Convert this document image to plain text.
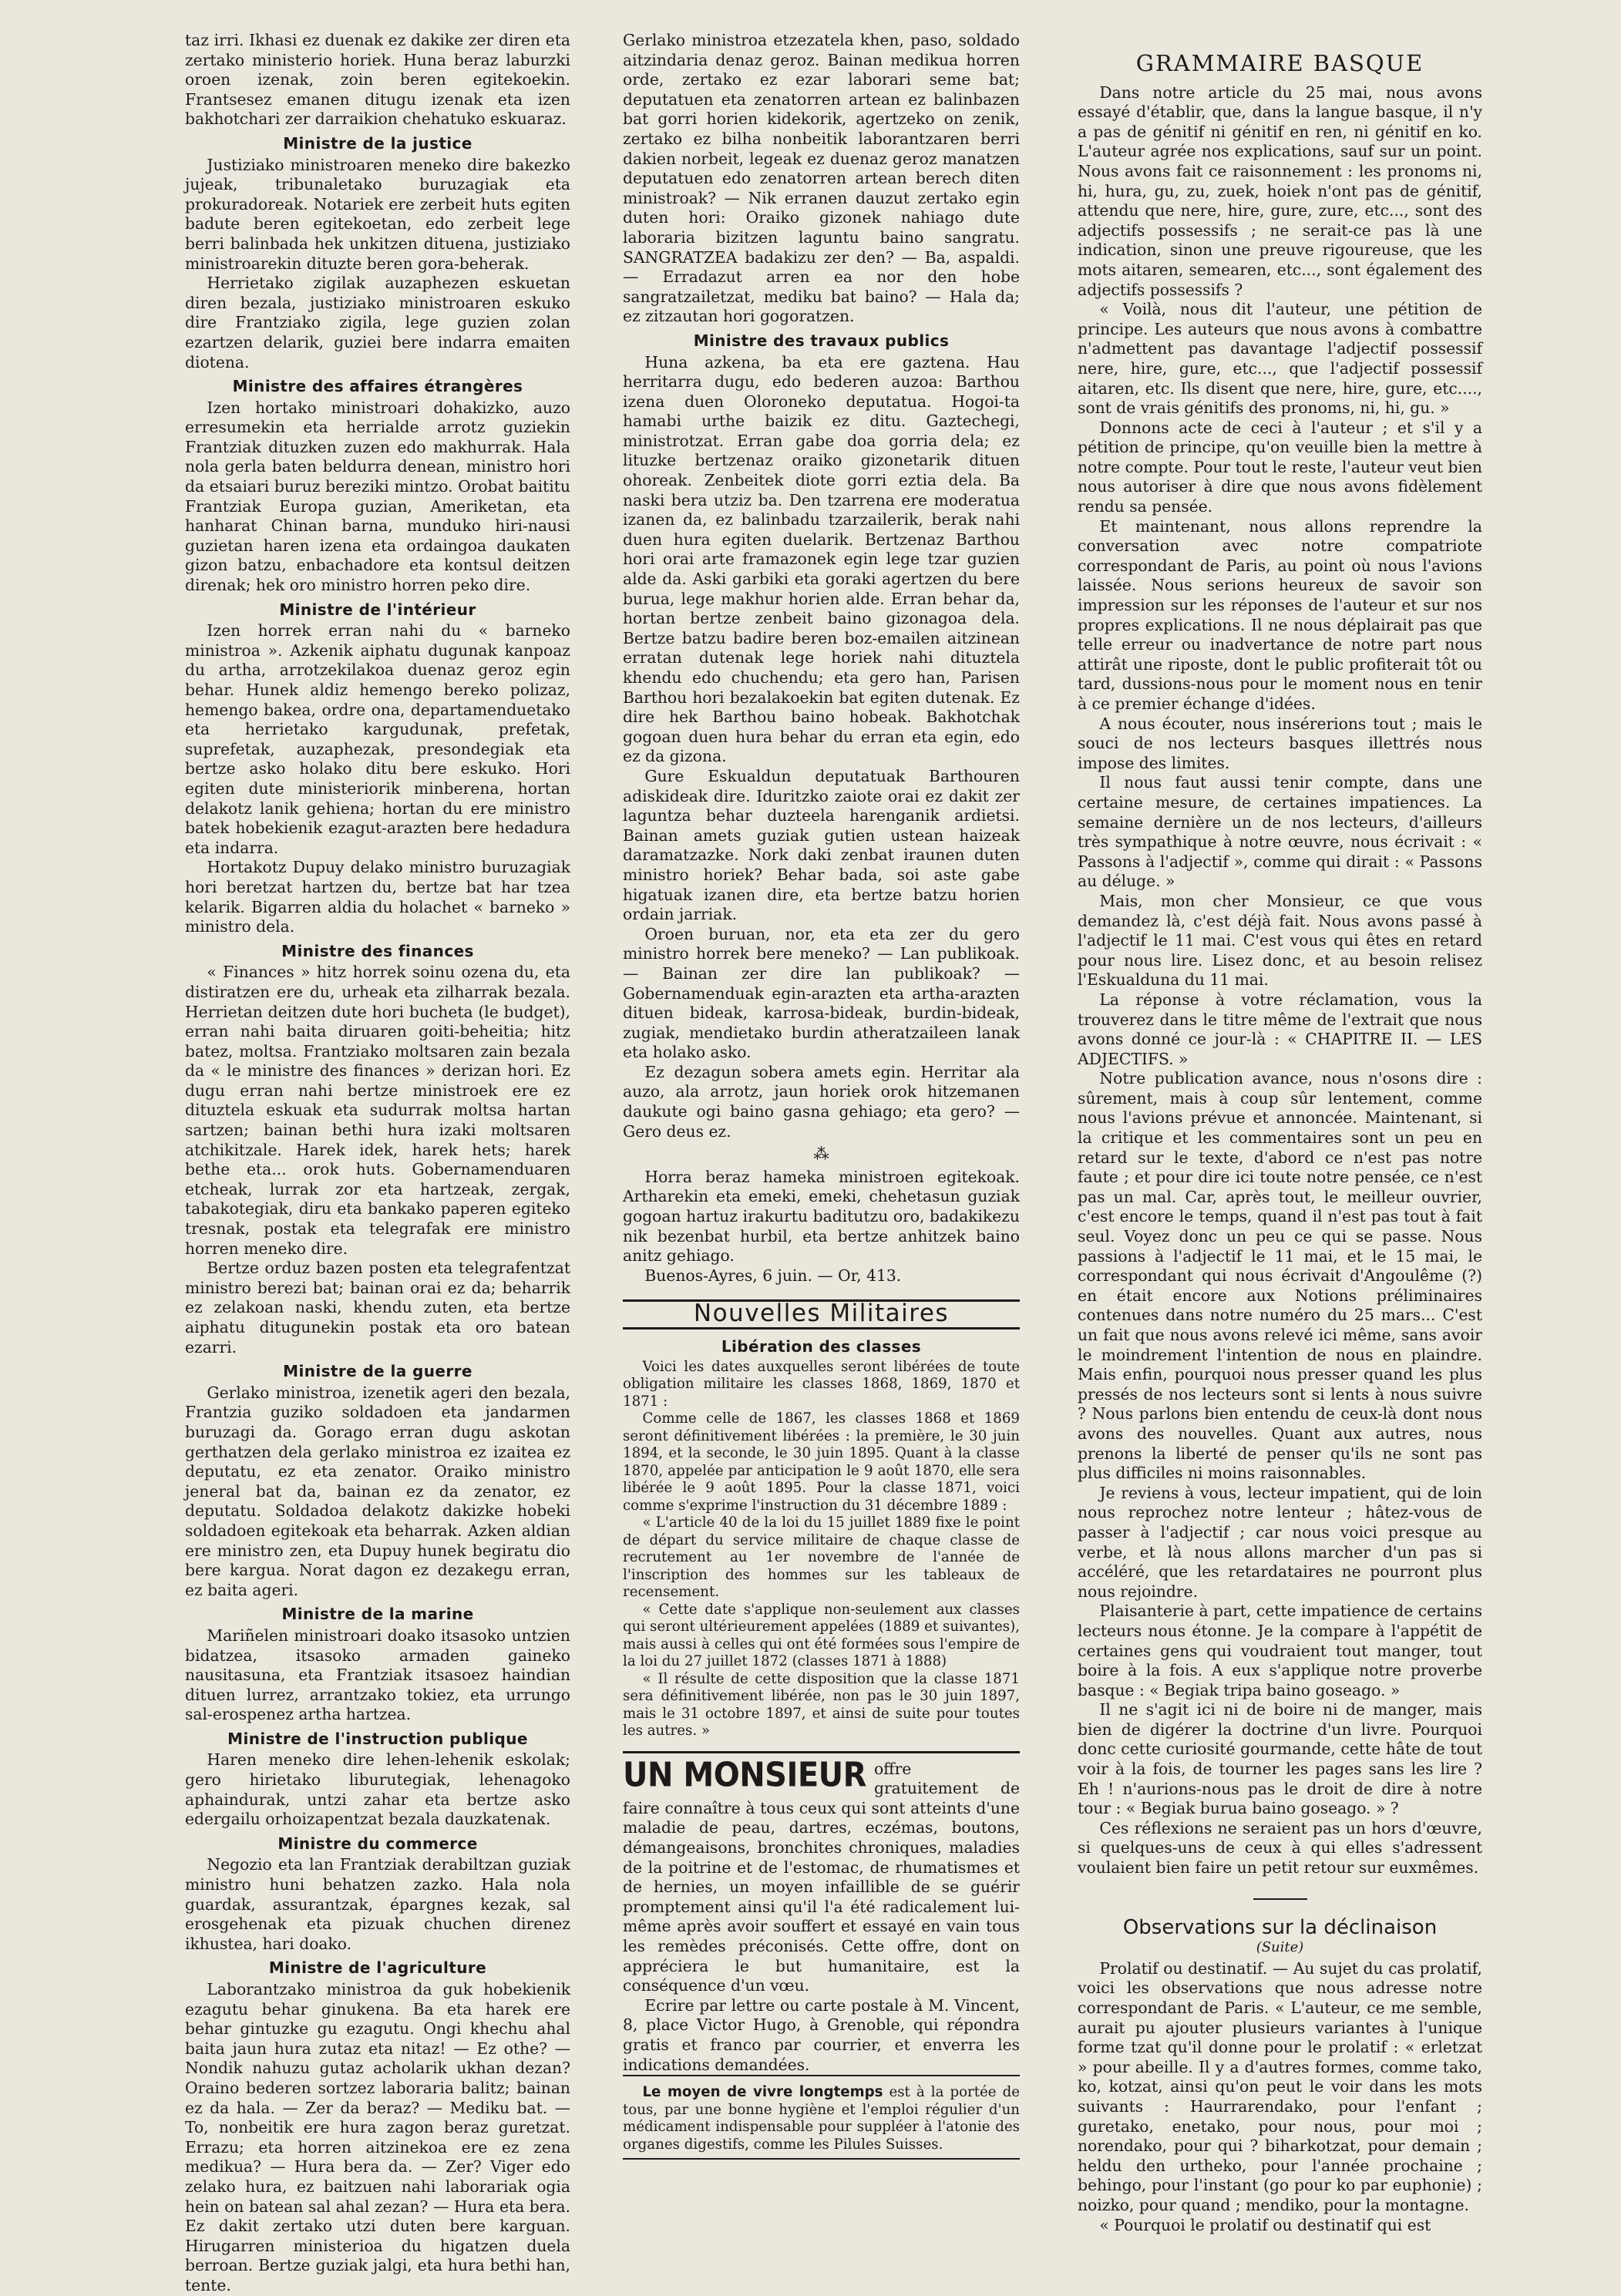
taz irri. Ikhasi ez duenak ez dakike zer diren eta zertako ministerio horiek. Huna beraz laburzki oroen izenak, zoin beren egitekoekin. Frantsesez emanen ditugu izenak eta izen bakhotchari zer darraikion chehatuko eskuaraz.

Ministre de la justice

Justiziako ministroaren meneko dire bakezko jujeak, tribunaletako buruzagiak eta prokuradoreak. Notariek ere zerbeit huts egiten badute beren egitekoetan, edo zerbeit lege berri balinbada hek unkitzen dituena, justiziako ministroarekin dituzte beren gora-beherak.

Herrietako zigilak auzaphezen eskuetan diren bezala, justiziako ministroaren eskuko dire Frantziako zigila, lege guzien zolan ezartzen delarik, guziei bere indarra emaiten diotena.

Ministre des affaires étrangères

Izen hortako ministroari dohakizko, auzo erresumekin eta herrialde arrotz guziekin Frantziak dituzken zuzen edo makhurrak. Hala nola gerla baten beldurra denean, ministro hori da etsaiari buruz bereziki mintzo. Orobat baititu Frantziak Europa guzian, Ameriketan, eta hanharat Chinan barna, munduko hiri-nausi guzietan haren izena eta ordaingoa daukaten gizon batzu, enbachadore eta kontsul deitzen direnak; hek oro ministro horren peko dire.

Ministre de l'intérieur

Izen horrek erran nahi du « barneko ministroa ». Azkenik aiphatu dugunak kanpoaz du artha, arrotzekilakoa duenaz geroz egin behar. Hunek aldiz hemengo bereko polizaz, hemengo bakea, ordre ona, departamenduetako eta herrietako kargudunak, prefetak, suprefetak, auzaphezak, presondegiak eta bertze asko holako ditu bere eskuko. Hori egiten dute ministeriorik minberena, hortan delakotz lanik gehiena; hortan du ere ministro batek hobekienik ezagut-arazten bere hedadura eta indarra.

Hortakotz Dupuy delako ministro buruzagiak hori beretzat hartzen du, bertze bat har tzea kelarik. Bigarren aldia du holachet « barneko » ministro dela.

Ministre des finances

« Finances » hitz horrek soinu ozena du, eta distiratzen ere du, urheak eta zilharrak bezala. Herrietan deitzen dute hori bucheta (le budget), erran nahi baita diruaren goiti-beheitia; hitz batez, moltsa. Frantziako moltsaren zain bezala da « le ministre des finances » derizan hori. Ez dugu erran nahi bertze ministroek ere ez dituztela eskuak eta sudurrak moltsa hartan sartzen; bainan bethi hura izaki moltsaren atchikitzale. Harek idek, harek hets; harek bethe eta... orok huts. Gobernamenduaren etcheak, lurrak zor eta hartzeak, zergak, tabakotegiak, diru eta bankako paperen egiteko tresnak, postak eta telegrafak ere ministro horren meneko dire.

Bertze orduz bazen posten eta telegrafentzat ministro berezi bat; bainan orai ez da; beharrik ez zelakoan naski, khendu zuten, eta bertze aiphatu ditugunekin postak eta oro batean ezarri.

Ministre de la guerre

Gerlako ministroa, izenetik ageri den bezala, Frantzia guziko soldadoen eta jandarmen buruzagi da. Gorago erran dugu askotan gerthatzen dela gerlako ministroa ez izaitea ez deputatu, ez eta zenator. Oraiko ministro jeneral bat da, bainan ez da zenator, ez deputatu. Soldadoa delakotz dakizke hobeki soldadoen egitekoak eta beharrak. Azken aldian ere ministro zen, eta Dupuy hunek begiratu dio bere kargua. Norat dagon ez dezakegu erran, ez baita ageri.

Ministre de la marine

Mariñelen ministroari doako itsasoko untzien bidatzea, itsasoko armaden gaineko nausitasuna, eta Frantziak itsasoez haindian dituen lurrez, arrantzako tokiez, eta urrungo sal-erospenez artha hartzea.

Ministre de l'instruction publique

Haren meneko dire lehen-lehenik eskolak; gero hirietako liburutegiak, lehenagoko aphaindurak, untzi zahar eta bertze asko edergailu orhoizapentzat bezala dauzkatenak.

Ministre du commerce

Negozio eta lan Frantziak derabiltzan guziak ministro huni behatzen zazko. Hala nola guardak, assurantzak, épargnes kezak, sal erosgehenak eta pizuak chuchen direnez ikhustea, hari doako.

Ministre de l'agriculture

Laborantzako ministroa da guk hobekienik ezagutu behar ginukena. Ba eta harek ere behar gintuzke gu ezagutu. Ongi khechu ahal baita jaun hura zutaz eta nitaz! — Ez othe? — Nondik nahuzu gutaz acholarik ukhan dezan? Oraino bederen sortzez laboraria balitz; bainan ez da hala. — Zer da beraz? — Mediku bat. — To, nonbeitik ere hura zagon beraz guretzat. Errazu; eta horren aitzinekoa ere ez zena medikua? — Hura bera da. — Zer? Viger edo zelako hura, ez baitzuen nahi laborariak ogia hein on batean sal ahal zezan? — Hura eta bera. Ez dakit zertako utzi duten bere karguan. Hirugarren ministerioa du higatzen duela berroan. Bertze guziak jalgi, eta hura bethi han, tente.

Gerlako ministroa etzezatela khen, paso, soldado aitzindaria denaz geroz. Bainan medikua horren orde, zertako ez ezar laborari seme bat; deputatuen eta zenatorren artean ez balinbazen bat gorri horien kidekorik, agertzeko on zenik, zertako ez bilha nonbeitik laborantzaren berri dakien norbeit, legeak ez duenaz geroz manatzen deputatuen edo zenatorren artean berech diten ministroak? — Nik erranen dauzut zertako egin duten hori: Oraiko gizonek nahiago dute laboraria bizitzen laguntu baino sangratu. SANGRATZEA badakizu zer den? — Ba, aspaldi. — Erradazut arren ea nor den hobe sangratzailetzat, mediku bat baino? — Hala da; ez zitzautan hori gogoratzen.

Ministre des travaux publics

Huna azkena, ba eta ere gaztena. Hau herritarra dugu, edo bederen auzoa: Barthou izena duen Oloroneko deputatua. Hogoi-ta hamabi urthe baizik ez ditu. Gaztechegi, ministrotzat. Erran gabe doa gorria dela; ez lituzke bertzenaz oraiko gizonetarik dituen ohoreak. Zenbeitek diote gorri eztia dela. Ba naski bera utziz ba. Den tzarrena ere moderatua izanen da, ez balinbadu tzarzailerik, berak nahi duen hura egiten duelarik. Bertzenaz Barthou hori orai arte framazonek egin lege tzar guzien alde da. Aski garbiki eta goraki agertzen du bere burua, lege makhur horien alde. Erran behar da, hortan bertze zenbeit baino gizonagoa dela. Bertze batzu badire beren boz-emailen aitzinean erratan dutenak lege horiek nahi dituztela khendu edo chuchendu; eta gero han, Parisen Barthou hori bezalakoekin bat egiten dutenak. Ez dire hek Barthou baino hobeak. Bakhotchak gogoan duen hura behar du erran eta egin, edo ez da gizona.

Gure Eskualdun deputatuak Barthouren adiskideak dire. Iduritzko zaiote orai ez dakit zer laguntza behar duzteela harenganik ardietsi. Bainan amets guziak gutien ustean haizeak daramatzazke. Nork daki zenbat iraunen duten ministro horiek? Behar bada, soi aste gabe higatuak izanen dire, eta bertze batzu horien ordain jarriak.

Oroen buruan, nor, eta eta zer du gero ministro horrek bere meneko? — Lan publikoak. — Bainan zer dire lan publikoak? — Gobernamenduak egin-arazten eta artha-arazten dituen bideak, karrosa-bideak, burdin-bideak, zugiak, mendietako burdin atheratzaileen lanak eta holako asko.

Ez dezagun sobera amets egin. Herritar ala auzo, ala arrotz, jaun horiek orok hitzemanen daukute ogi baino gasna gehiago; eta gero? — Gero deus ez.

⁂

Horra beraz hameka ministroen egitekoak. Artharekin eta emeki, emeki, chehetasun guziak gogoan hartuz irakurtu baditutzu oro, badakikezu nik bezenbat hurbil, eta bertze anhitzek baino anitz gehiago.

Buenos-Ayres, 6 juin. — Or, 413.

Nouvelles Militaires
Libération des classes

Voici les dates auxquelles seront libérées de toute obligation militaire les classes 1868, 1869, 1870 et 1871 :

Comme celle de 1867, les classes 1868 et 1869 seront définitivement libérées : la première, le 30 juin 1894, et la seconde, le 30 juin 1895. Quant à la classe 1870, appelée par anticipation le 9 août 1870, elle sera libérée le 9 août 1895. Pour la classe 1871, voici comme s'exprime l'instruction du 31 décembre 1889 :

« L'article 40 de la loi du 15 juillet 1889 fixe le point de départ du service militaire de chaque classe de recrutement au 1er novembre de l'année de l'inscription des hommes sur les tableaux de recensement.

« Cette date s'applique non-seulement aux classes qui seront ultérieurement appelées (1889 et suivantes), mais aussi à celles qui ont été formées sous l'empire de la loi du 27 juillet 1872 (classes 1871 à 1888)

« Il résulte de cette disposition que la classe 1871 sera définitivement libérée, non pas le 30 juin 1897, mais le 31 octobre 1897, et ainsi de suite pour toutes les autres. »

UN MONSIEUR offre gratuitement de faire connaître à tous ceux qui sont atteints d'une maladie de peau, dartres, eczémas, boutons, démangeaisons, bronchites chroniques, maladies de la poitrine et de l'estomac, de rhumatismes et de hernies, un moyen infaillible de se guérir promptement ainsi qu'il l'a été radicalement lui-même après avoir souffert et essayé en vain tous les remèdes préconisés. Cette offre, dont on appréciera le but humanitaire, est la conséquence d'un vœu.

Ecrire par lettre ou carte postale à M. Vincent, 8, place Victor Hugo, à Grenoble, qui répondra gratis et franco par courrier, et enverra les indications demandées.

Le moyen de vivre longtemps est à la portée de tous, par une bonne hygiène et l'emploi régulier d'un médicament indispensable pour suppléer à l'atonie des organes digestifs, comme les Pilules Suisses.

GRAMMAIRE BASQUE

Dans notre article du 25 mai, nous avons essayé d'établir, que, dans la langue basque, il n'y a pas de génitif ni génitif en ren, ni génitif en ko. L'auteur agrée nos explications, sauf sur un point. Nous avons fait ce raisonnement : les pronoms ni, hi, hura, gu, zu, zuek, hoiek n'ont pas de génitif, attendu que nere, hire, gure, zure, etc..., sont des adjectifs possessifs ; ne serait-ce pas là une indication, sinon une preuve rigoureuse, que les mots aitaren, semearen, etc..., sont également des adjectifs possessifs ?

« Voilà, nous dit l'auteur, une pétition de principe. Les auteurs que nous avons à combattre n'admettent pas davantage l'adjectif possessif nere, hire, gure, etc..., que l'adjectif possessif aitaren, etc. Ils disent que nere, hire, gure, etc...., sont de vrais génitifs des pronoms, ni, hi, gu. »

Donnons acte de ceci à l'auteur ; et s'il y a pétition de principe, qu'on veuille bien la mettre à notre compte. Pour tout le reste, l'auteur veut bien nous autoriser à dire que nous avons fidèlement rendu sa pensée.

Et maintenant, nous allons reprendre la conversation avec notre compatriote correspondant de Paris, au point où nous l'avions laissée. Nous serions heureux de savoir son impression sur les réponses de l'auteur et sur nos propres explications. Il ne nous déplairait pas que telle erreur ou inadvertance de notre part nous attirât une riposte, dont le public profiterait tôt ou tard, dussions-nous pour le moment nous en tenir à ce premier échange d'idées.

A nous écouter, nous insérerions tout ; mais le souci de nos lecteurs basques illettrés nous impose des limites.

Il nous faut aussi tenir compte, dans une certaine mesure, de certaines impatiences. La semaine dernière un de nos lecteurs, d'ailleurs très sympathique à notre œuvre, nous écrivait : « Passons à l'adjectif », comme qui dirait : « Passons au déluge. »

Mais, mon cher Monsieur, ce que vous demandez là, c'est déjà fait. Nous avons passé à l'adjectif le 11 mai. C'est vous qui êtes en retard pour nous lire. Lisez donc, et au besoin relisez l'Eskualduna du 11 mai.

La réponse à votre réclamation, vous la trouverez dans le titre même de l'extrait que nous avons donné ce jour-là : « CHAPITRE II. — LES ADJECTIFS. »

Notre publication avance, nous n'osons dire : sûrement, mais à coup sûr lentement, comme nous l'avions prévue et annoncée. Maintenant, si la critique et les commentaires sont un peu en retard sur le texte, d'abord ce n'est pas notre faute ; et pour dire ici toute notre pensée, ce n'est pas un mal. Car, après tout, le meilleur ouvrier, c'est encore le temps, quand il n'est pas tout à fait seul. Voyez donc un peu ce qui se passe. Nous passions à l'adjectif le 11 mai, et le 15 mai, le correspondant qui nous écrivait d'Angoulême (?) en était encore aux Notions préliminaires contenues dans notre numéro du 25 mars... C'est un fait que nous avons relevé ici même, sans avoir le moindrement l'intention de nous en plaindre. Mais enfin, pourquoi nous presser quand les plus pressés de nos lecteurs sont si lents à nous suivre ? Nous parlons bien entendu de ceux-là dont nous avons des nouvelles. Quant aux autres, nous prenons la liberté de penser qu'ils ne sont pas plus difficiles ni moins raisonnables.

Je reviens à vous, lecteur impatient, qui de loin nous reprochez notre lenteur ; hâtez-vous de passer à l'adjectif ; car nous voici presque au verbe, et là nous allons marcher d'un pas si accéléré, que les retardataires ne pourront plus nous rejoindre.

Plaisanterie à part, cette impatience de certains lecteurs nous étonne. Je la compare à l'appétit de certaines gens qui voudraient tout manger, tout boire à la fois. A eux s'applique notre proverbe basque : « Begiak tripa baino goseago. »

Il ne s'agit ici ni de boire ni de manger, mais bien de digérer la doctrine d'un livre. Pourquoi donc cette curiosité gourmande, cette hâte de tout voir à la fois, de tourner les pages sans les lire ? Eh ! n'aurions-nous pas le droit de dire à notre tour : « Begiak burua baino goseago. » ?

Ces réflexions ne seraient pas un hors d'œuvre, si quelques-uns de ceux à qui elles s'adressent voulaient bien faire un petit retour sur euxmêmes.

Observations sur la déclinaison
(Suite)

Prolatif ou destinatif. — Au sujet du cas prolatif, voici les observations que nous adresse notre correspondant de Paris. « L'auteur, ce me semble, aurait pu ajouter plusieurs variantes à l'unique forme tzat qu'il donne pour le prolatif : « erletzat » pour abeille. Il y a d'autres formes, comme tako, ko, kotzat, ainsi qu'on peut le voir dans les mots suivants : Haurrarendako, pour l'enfant ; guretako, enetako, pour nous, pour moi ; norendako, pour qui ? biharkotzat, pour demain ; heldu den urtheko, pour l'année prochaine ; behingo, pour l'instant (go pour ko par euphonie) ; noizko, pour quand ; mendiko, pour la montagne.

« Pourquoi le prolatif ou destinatif qui est
